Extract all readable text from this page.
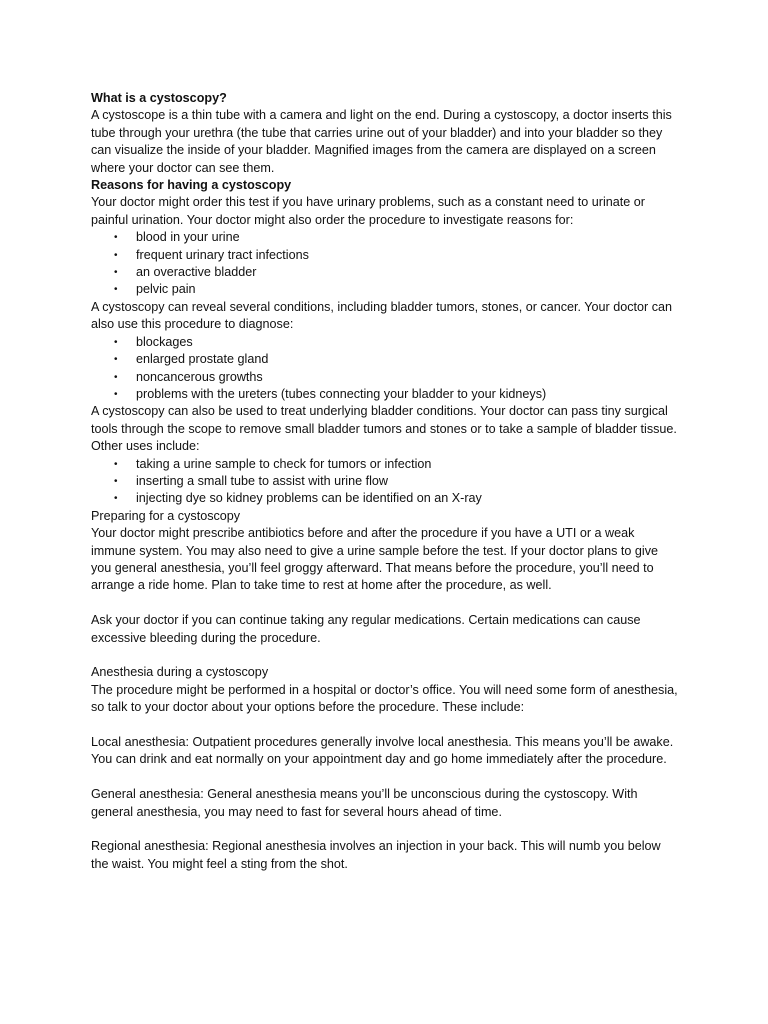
What is a cystoscopy?

A cystoscope is a thin tube with a camera and light on the end. During a cystoscopy, a doctor inserts this tube through your urethra (the tube that carries urine out of your bladder) and into your bladder so they can visualize the inside of your bladder. Magnified images from the camera are displayed on a screen where your doctor can see them.

Reasons for having a cystoscopy

Your doctor might order this test if you have urinary problems, such as a constant need to urinate or painful urination. Your doctor might also order the procedure to investigate reasons for:

• blood in your urine
• frequent urinary tract infections
• an overactive bladder
• pelvic pain

A cystoscopy can reveal several conditions, including bladder tumors, stones, or cancer. Your doctor can also use this procedure to diagnose:

• blockages
• enlarged prostate gland
• noncancerous growths
• problems with the ureters (tubes connecting your bladder to your kidneys)

A cystoscopy can also be used to treat underlying bladder conditions. Your doctor can pass tiny surgical tools through the scope to remove small bladder tumors and stones or to take a sample of bladder tissue.

Other uses include:
• taking a urine sample to check for tumors or infection
• inserting a small tube to assist with urine flow
• injecting dye so kidney problems can be identified on an X-ray
Preparing for a cystoscopy

Your doctor might prescribe antibiotics before and after the procedure if you have a UTI or a weak immune system. You may also need to give a urine sample before the test. If your doctor plans to give you general anesthesia, you’ll feel groggy afterward. That means before the procedure, you’ll need to arrange a ride home. Plan to take time to rest at home after the procedure, as well.

Ask your doctor if you can continue taking any regular medications. Certain medications can cause excessive bleeding during the procedure.

Anesthesia during a cystoscopy

The procedure might be performed in a hospital or doctor’s office. You will need some form of anesthesia, so talk to your doctor about your options before the procedure. These include:

Local anesthesia: Outpatient procedures generally involve local anesthesia. This means you’ll be awake. You can drink and eat normally on your appointment day and go home immediately after the procedure.

General anesthesia: General anesthesia means you’ll be unconscious during the cystoscopy. With general anesthesia, you may need to fast for several hours ahead of time.

Regional anesthesia: Regional anesthesia involves an injection in your back. This will numb you below the waist. You might feel a sting from the shot.
